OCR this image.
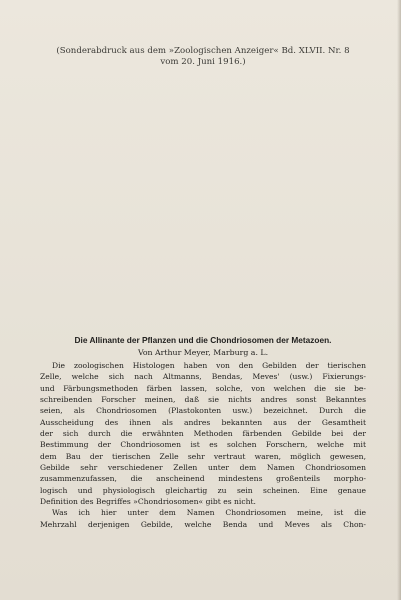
(Sonderabdruck aus dem »Zoologischen Anzeiger« Bd. XLVII. Nr. 8
vom 20. Juni 1916.)
Die Allinante der Pflanzen und die Chondriosomen der Metazoen.
Von Arthur Meyer, Marburg a. L.
Die zoologischen Histologen haben von den Gebilden der tierischen
Zelle, welche sich nach Altmanns, Bendas, Meves' (usw.) Fixierungs-
und Färbungsmethoden färben lassen, solche, von welchen die sie be-
schreibenden Forscher meinen, daß sie nichts andres sonst Bekanntes
seien, als Chondriosomen (Plastokonten usw.) bezeichnet. Durch die
Ausscheidung des ihnen als andres bekannten aus der Gesamtheit
der sich durch die erwähnten Methoden färbenden Gebilde bei der
Bestimmung der Chondriosomen ist es solchen Forschern, welche mit
dem Bau der tierischen Zelle sehr vertraut waren, möglich gewesen,
Gebilde sehr verschiedener Zellen unter dem Namen Chondriosomen
zusammenzufassen, die anscheinend mindestens großenteils morpho-
logisch und physiologisch gleichartig zu sein scheinen. Eine genaue
Definition des Begriffes »Chondriosomen« gibt es nicht.
Was ich hier unter dem Namen Chondriosomen meine, ist die
Mehrzahl derjenigen Gebilde, welche Benda und Meves als Chon-
